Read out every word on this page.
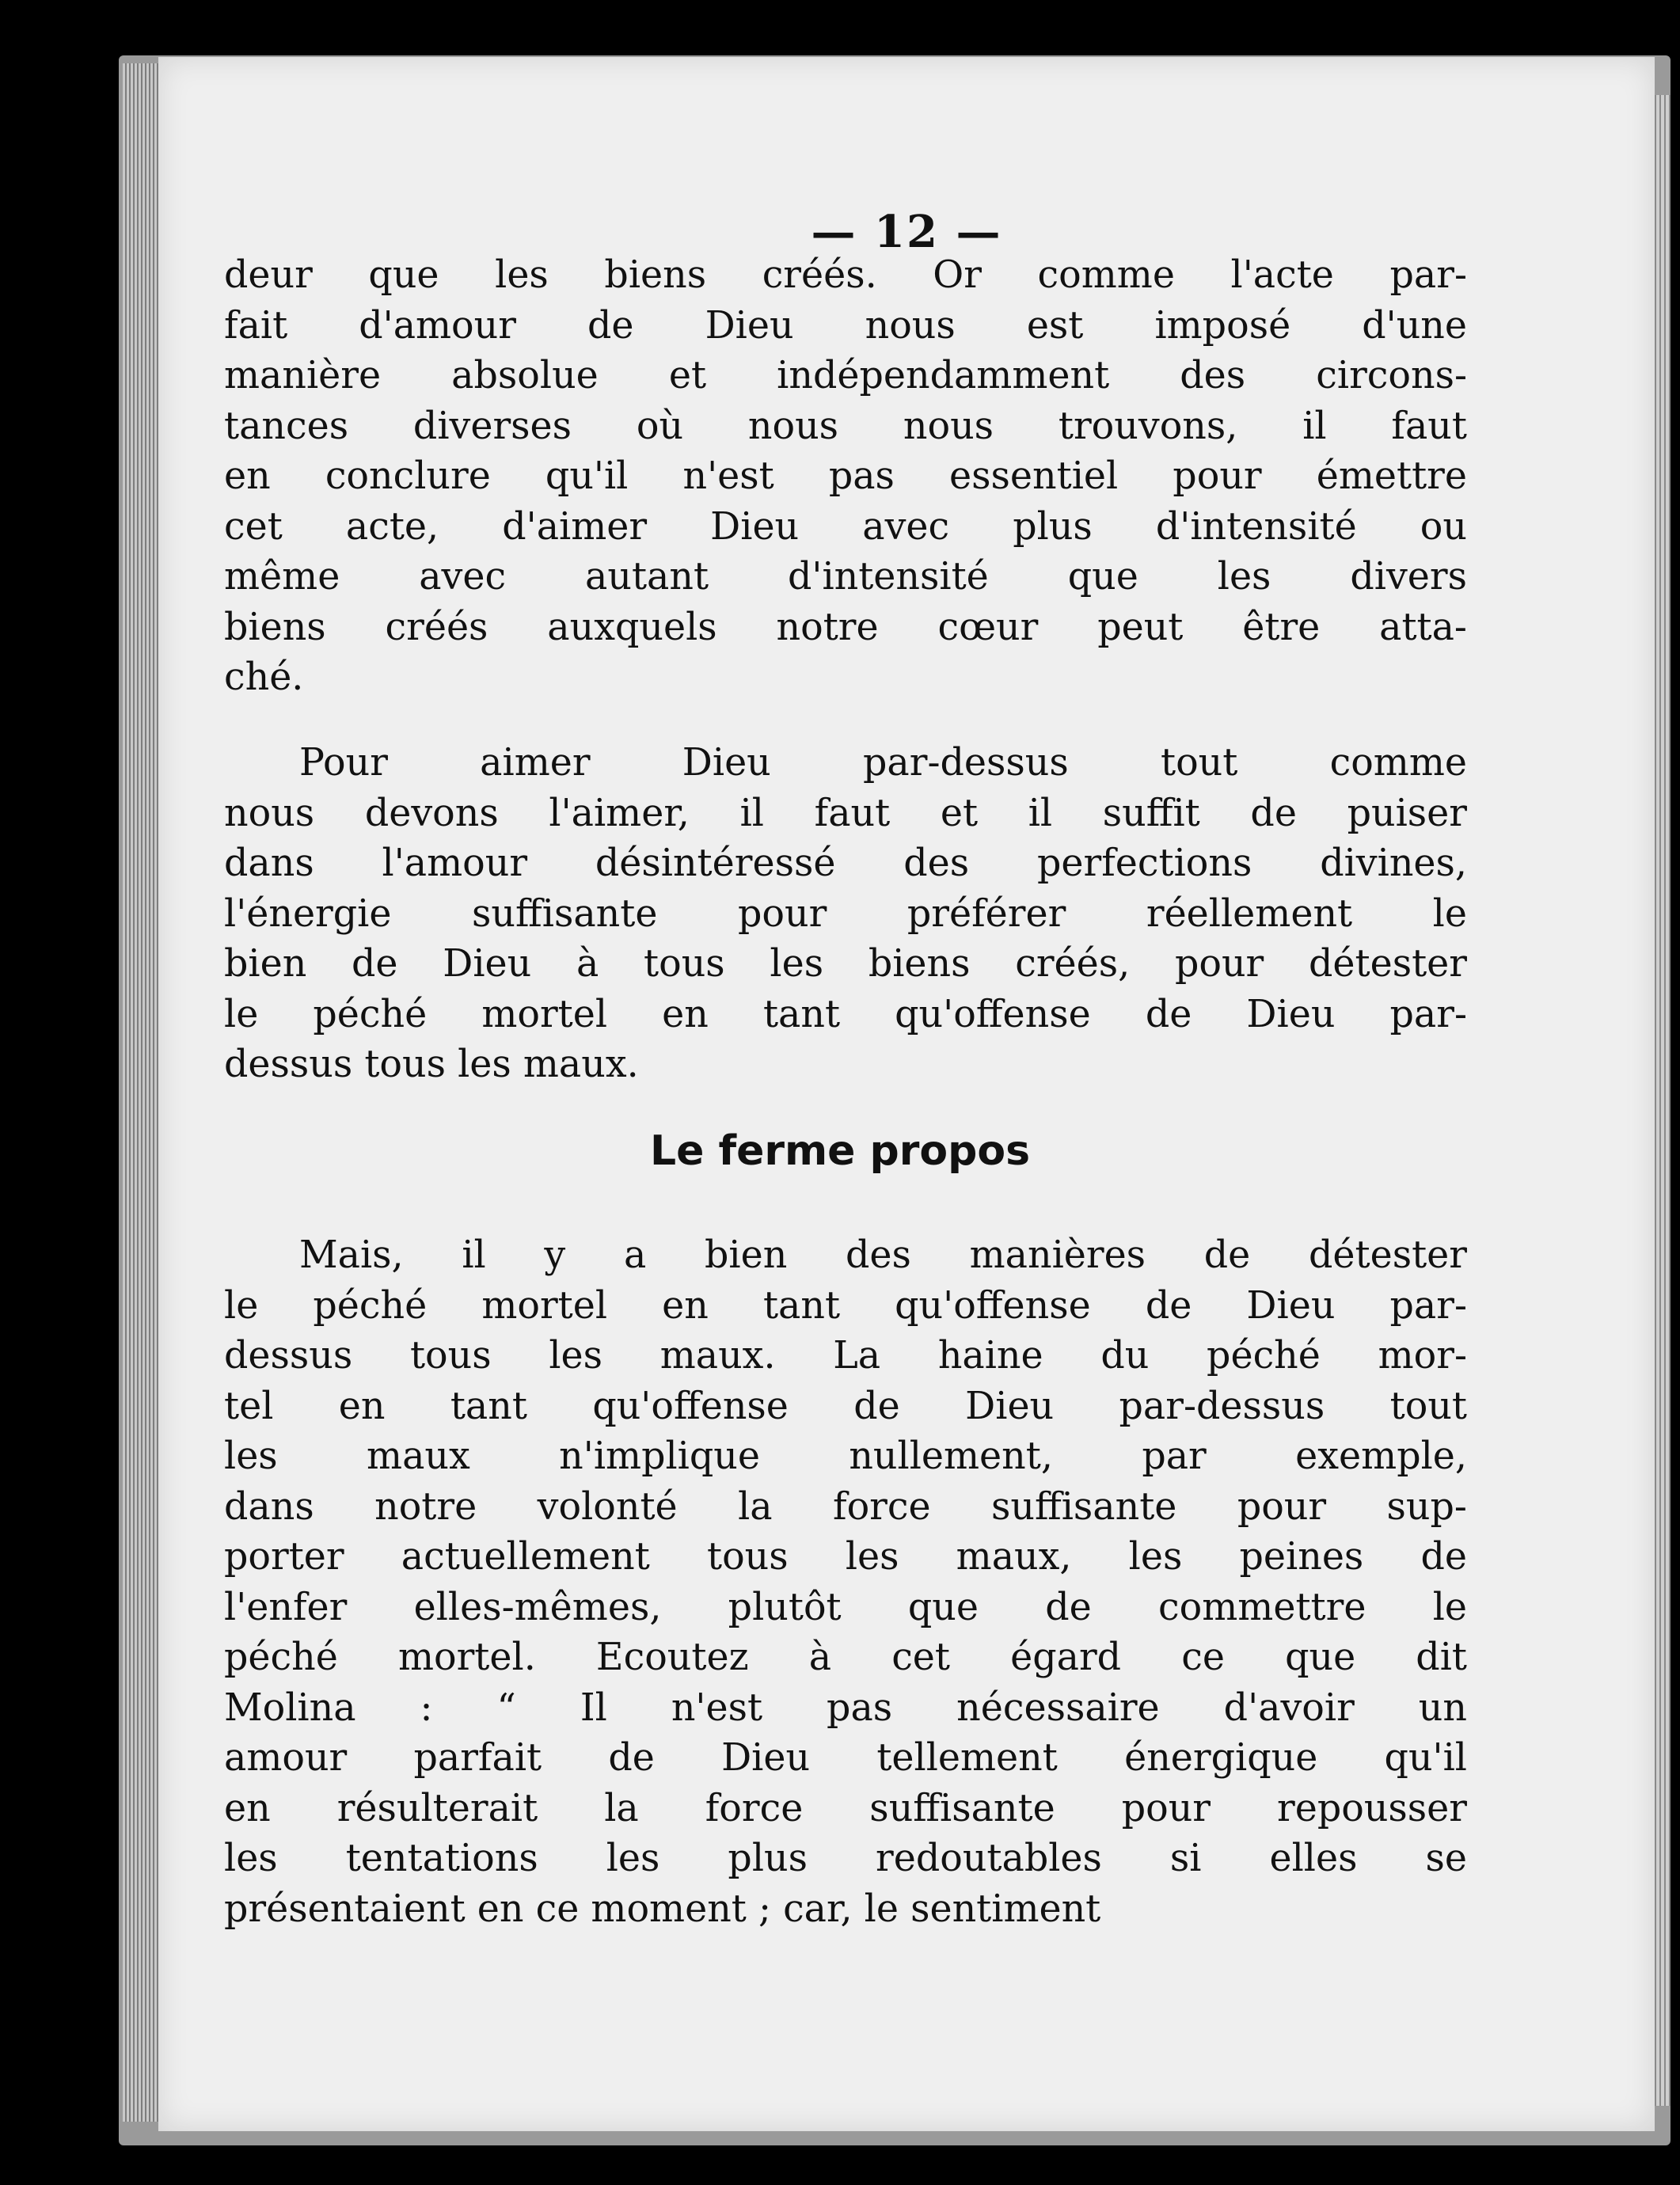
— 12 —
deur que les biens créés. Or comme l'acte par-
fait d'amour de Dieu nous est imposé d'une
manière absolue et indépendamment des circons-
tances diverses où nous nous trouvons, il faut
en conclure qu'il n'est pas essentiel pour émettre
cet acte, d'aimer Dieu avec plus d'intensité ou
même avec autant d'intensité que les divers
biens créés auxquels notre cœur peut être atta-
ché.
Pour aimer Dieu par-dessus tout comme
nous devons l'aimer, il faut et il suffit de puiser
dans l'amour désintéressé des perfections divines,
l'énergie suffisante pour préférer réellement le
bien de Dieu à tous les biens créés, pour détester
le péché mortel en tant qu'offense de Dieu par-
dessus tous les maux.
Le ferme propos
Mais, il y a bien des manières de détester
le péché mortel en tant qu'offense de Dieu par-
dessus tous les maux. La haine du péché mor-
tel en tant qu'offense de Dieu par-dessus tout
les maux n'implique nullement, par exemple,
dans notre volonté la force suffisante pour sup-
porter actuellement tous les maux, les peines de
l'enfer elles-mêmes, plutôt que de commettre le
péché mortel. Ecoutez à cet égard ce que dit
Molina : “ Il n'est pas nécessaire d'avoir un
amour parfait de Dieu tellement énergique qu'il
en résulterait la force suffisante pour repousser
les tentations les plus redoutables si elles se
présentaient en ce moment ; car, le sentiment
